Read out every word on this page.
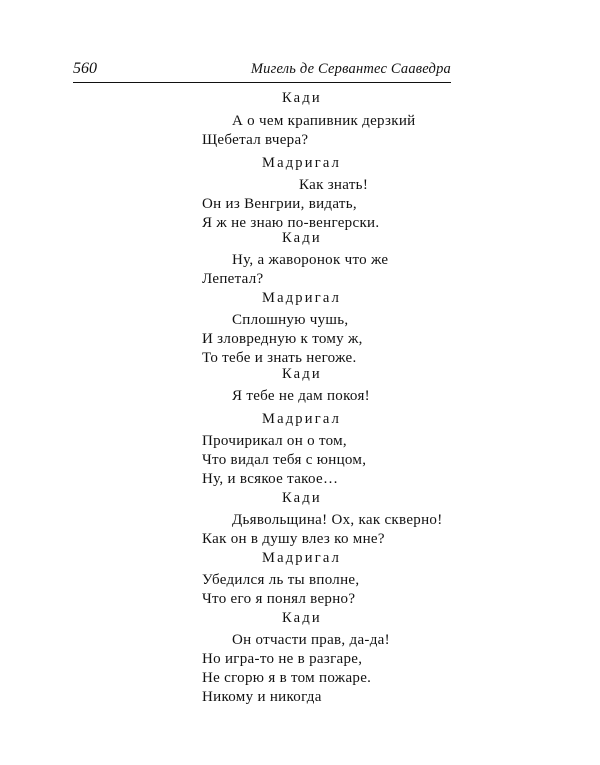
560	Мигель де Сервантес Сааведра
Кади
А о чем крапивник дерзкий
Щебетал вчера?
Мадригал
Как знать!
Он из Венгрии, видать,
Я ж не знаю по-венгерски.
Кади
Ну, а жаворонок что же
Лепетал?
Мадригал
Сплошную чушь,
И зловредную к тому ж,
То тебе и знать негоже.
Кади
Я тебе не дам покоя!
Мадригал
Прочирикал он о том,
Что видал тебя с юнцом,
Ну, и всякое такое…
Кади
Дьявольщина! Ох, как скверно!
Как он в душу влез ко мне?
Мадригал
Убедился ль ты вполне,
Что его я понял верно?
Кади
Он отчасти прав, да-да!
Но игра-то не в разгаре,
Не сгорю я в том пожаре.
Никому и никогда
